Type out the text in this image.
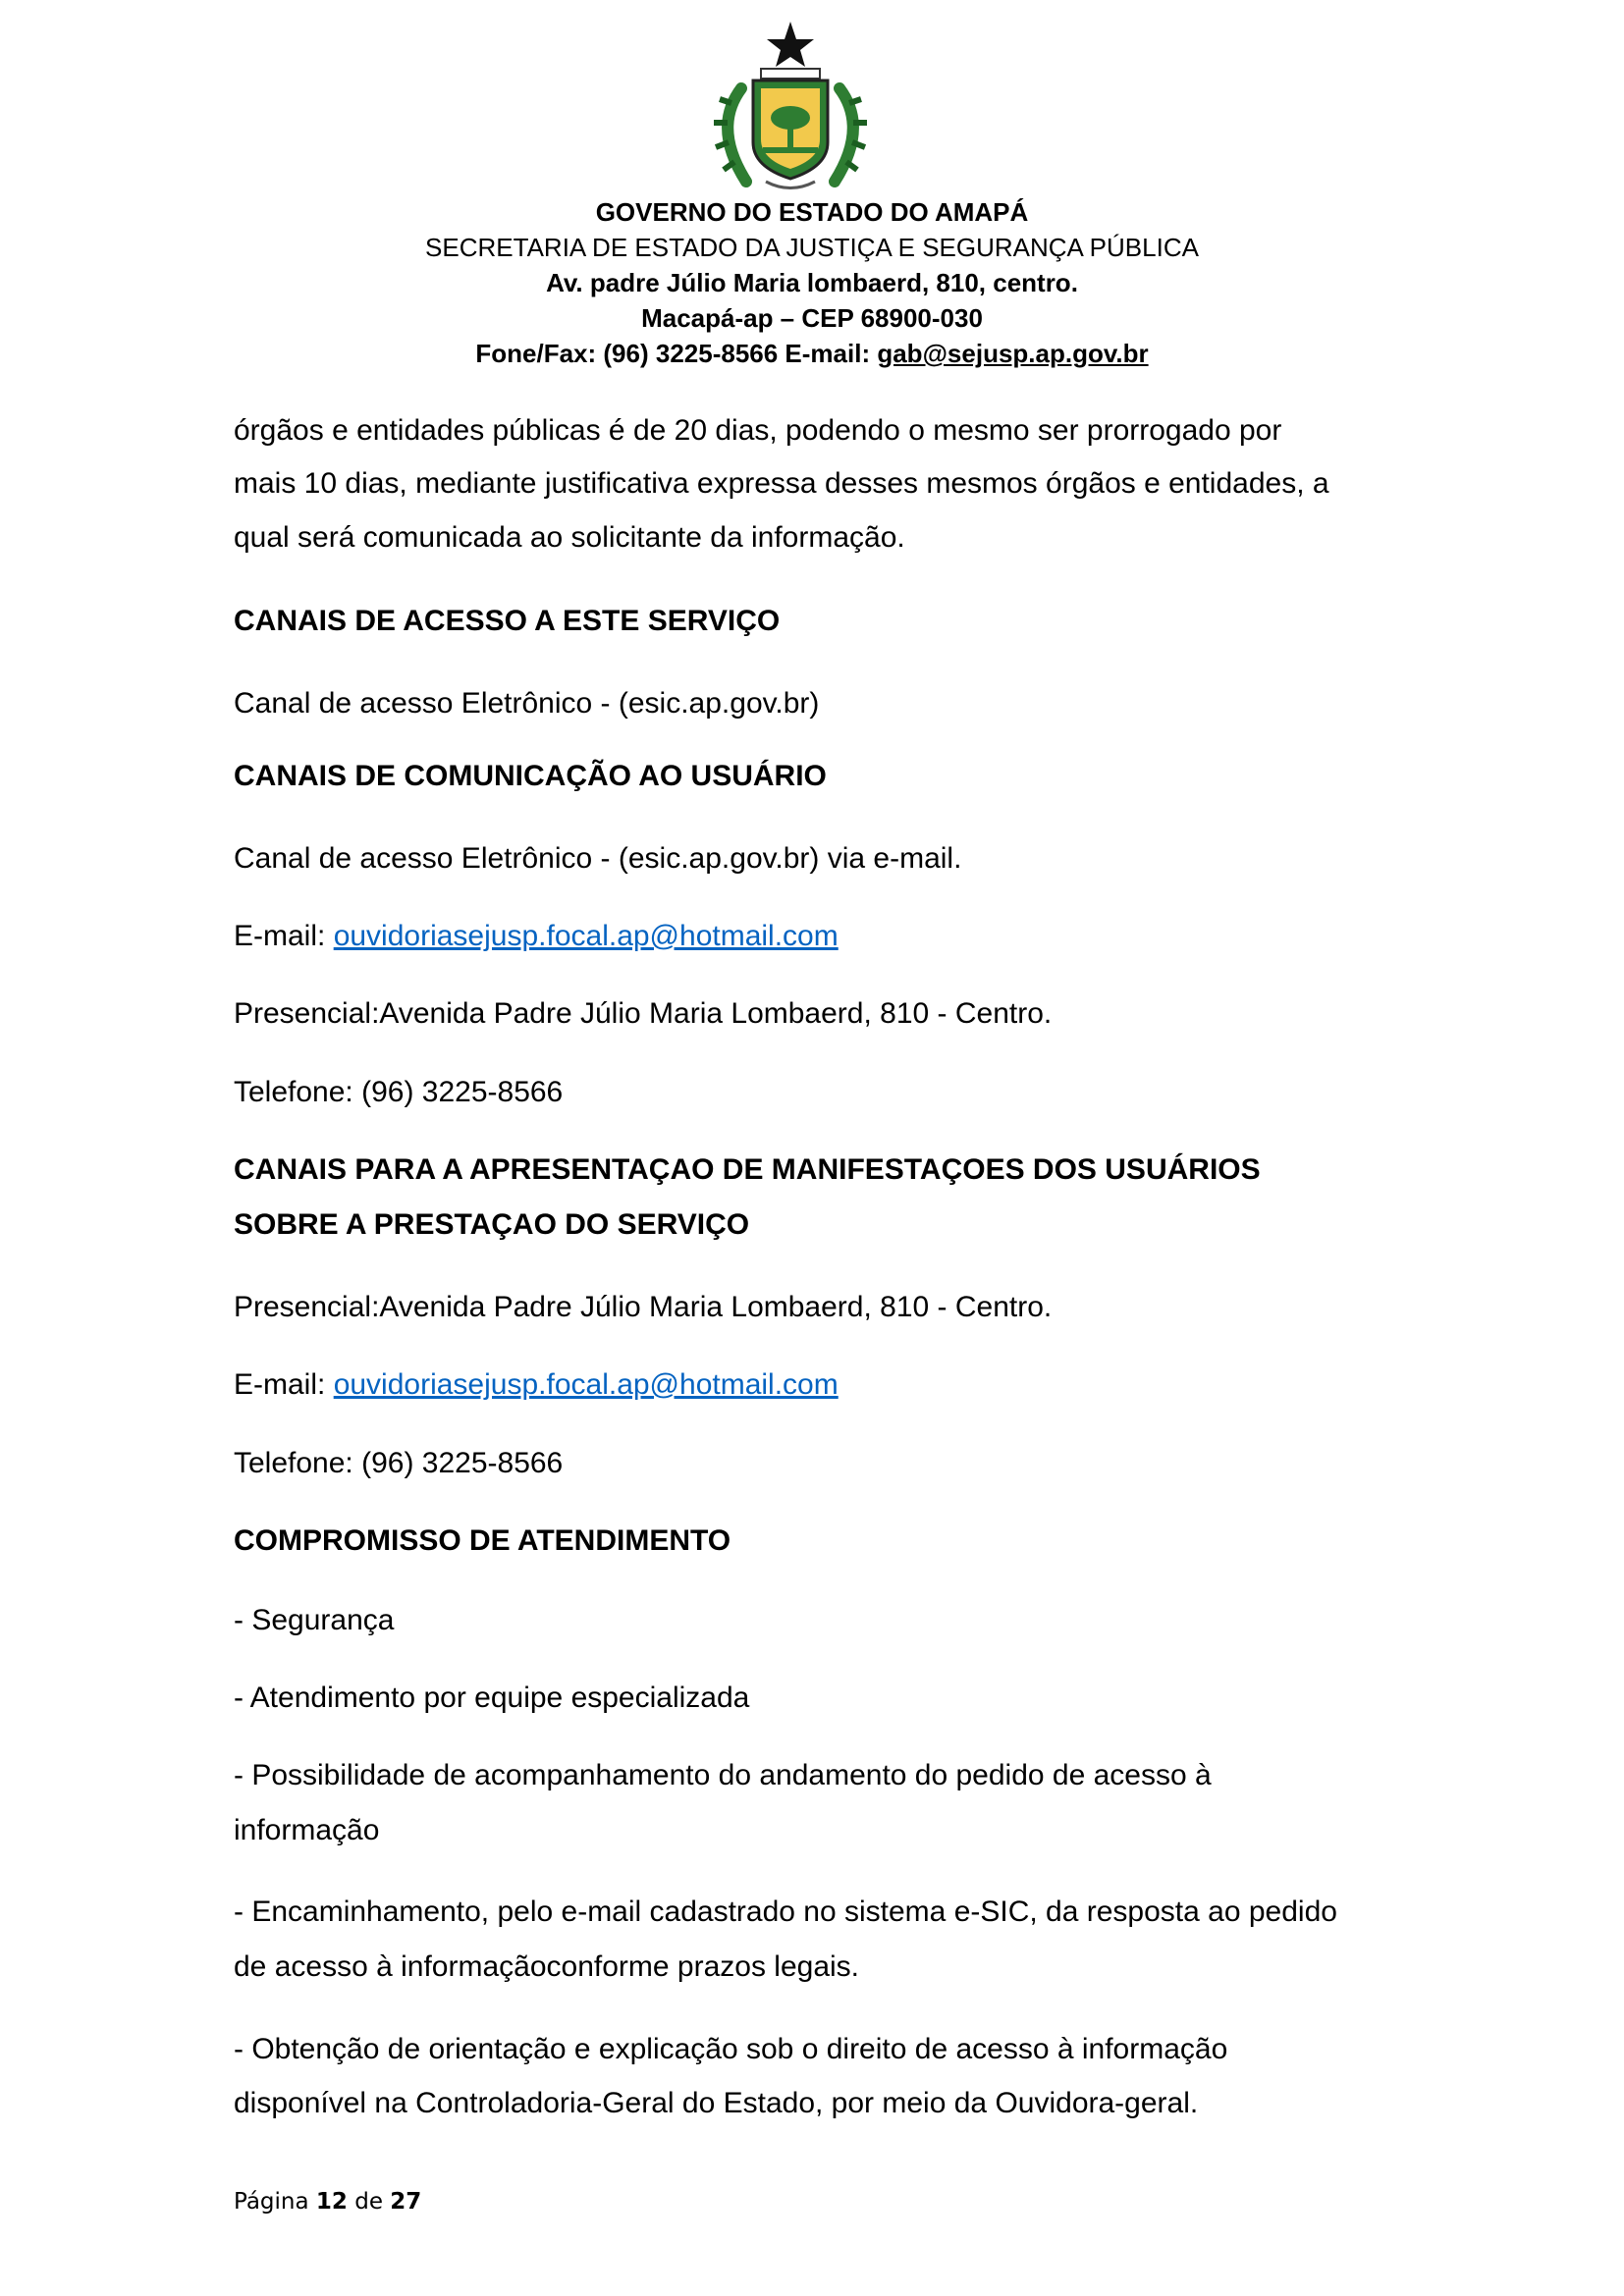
GOVERNO DO ESTADO DO AMAPÁ
SECRETARIA DE ESTADO DA JUSTIÇA E SEGURANÇA PÚBLICA
Av. padre Júlio Maria lombaerd, 810, centro.
Macapá-ap – CEP 68900-030
Fone/Fax: (96) 3225-8566 E-mail: gab@sejusp.ap.gov.br
órgãos e entidades públicas é de 20 dias, podendo o mesmo ser prorrogado por
mais 10 dias, mediante justificativa expressa desses mesmos órgãos e entidades, a
qual será comunicada ao solicitante da informação.
CANAIS DE ACESSO A ESTE SERVIÇO
Canal de acesso Eletrônico - (esic.ap.gov.br)
CANAIS DE COMUNICAÇÃO AO USUÁRIO
Canal de acesso Eletrônico - (esic.ap.gov.br) via e-mail.
E-mail: ouvidoriasejusp.focal.ap@hotmail.com
Presencial:Avenida Padre Júlio Maria Lombaerd, 810 - Centro.
Telefone: (96) 3225-8566
CANAIS PARA A APRESENTAÇAO DE MANIFESTAÇOES DOS USUÁRIOS
SOBRE A PRESTAÇAO DO SERVIÇO
Presencial:Avenida Padre Júlio Maria Lombaerd, 810 - Centro.
E-mail: ouvidoriasejusp.focal.ap@hotmail.com
Telefone: (96) 3225-8566
COMPROMISSO DE ATENDIMENTO
- Segurança
- Atendimento por equipe especializada
- Possibilidade de acompanhamento do andamento do pedido de acesso à
informação
- Encaminhamento, pelo e-mail cadastrado no sistema e-SIC, da resposta ao pedido
de acesso à informaçãoconforme prazos legais.
- Obtenção de orientação e explicação sob o direito de acesso à informação
disponível na Controladoria-Geral do Estado, por meio da Ouvidora-geral.
Página 12 de 27
